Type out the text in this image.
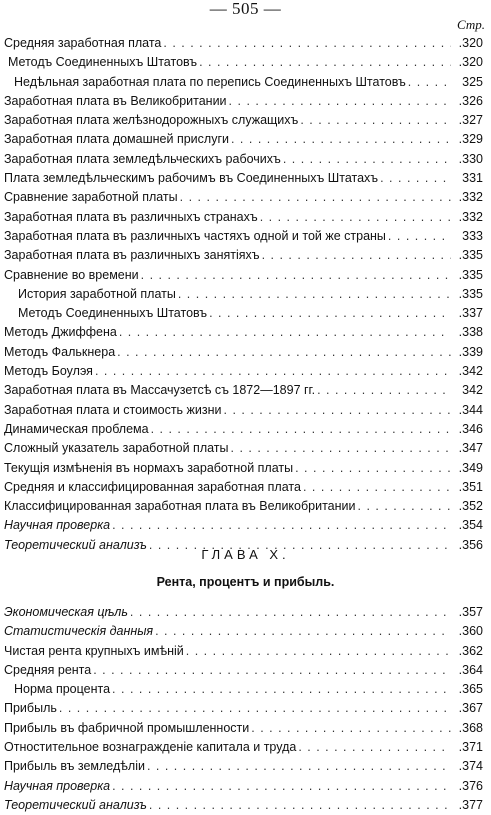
— 505 —
Стр.
Средняя заработная плата . . .	.320
Методъ Соединенныхъ Штатовъ . . .	.320
Недѣльная заработная плата по перепись Соединенныхъ Штатовъ . . .	325
Заработная плата въ Великобритании . . .	.326
Заработная плата желѣзнодорожныхъ служащихъ . . .	.327
Заработная плата домашней прислуги . . .	.329
Заработная плата земледѣльческихъ рабочихъ . . .	.330
Плата земледѣльческимъ рабочимъ въ Соединенныхъ Штатахъ . . .	331
Сравнение заработной платы . . .	.332
Заработная плата въ различныхъ странахъ . . .	.332
Заработная плата въ различныхъ частяхъ одной и той же страны . . .	333
Заработная плата въ различныхъ занятіяхъ . . .	.335
Сравнение во времени . . .	.335
История заработной платы . . .	.335
Методъ Соединенныхъ Штатовъ . . .	.337
Методъ Джиффена . . .	.338
Методъ Фалькнера . . .	.339
Методъ Боулэя . . .	.342
Заработная плата въ Массачузетсѣ съ 1872—1897 гг. . . .	342
Заработная плата и стоимость жизни . . .	.344
Динамическая проблема . . .	.346
Сложный указатель заработной платы . . .	.347
Текущія измѣненія въ нормахъ заработной платы . . .	.349
Средняя и классифицированная заработная плата . . .	.351
Классифицированная заработная плата въ Великобритании . . .	.352
Научная проверка . . .	.354
Теоретический анализъ . . .	.356
ГЛАВА X.
Рента, процентъ и прибыль.
Экономическая цѣль . . .	.357
Статистическія данныя . . .	.360
Чистая рента крупныхъ имѣній . . .	.362
Средняя рента . . .	.364
Норма процента . . .	.365
Прибыль . . .	.367
Прибыль въ фабричной промышленности . . .	.368
Отностительное вознагражденіе капитала и труда . . .	.371
Прибыль въ земледѣліи . . .	.374
Научная проверка . . .	.376
Теоретический анализъ . . .	.377
